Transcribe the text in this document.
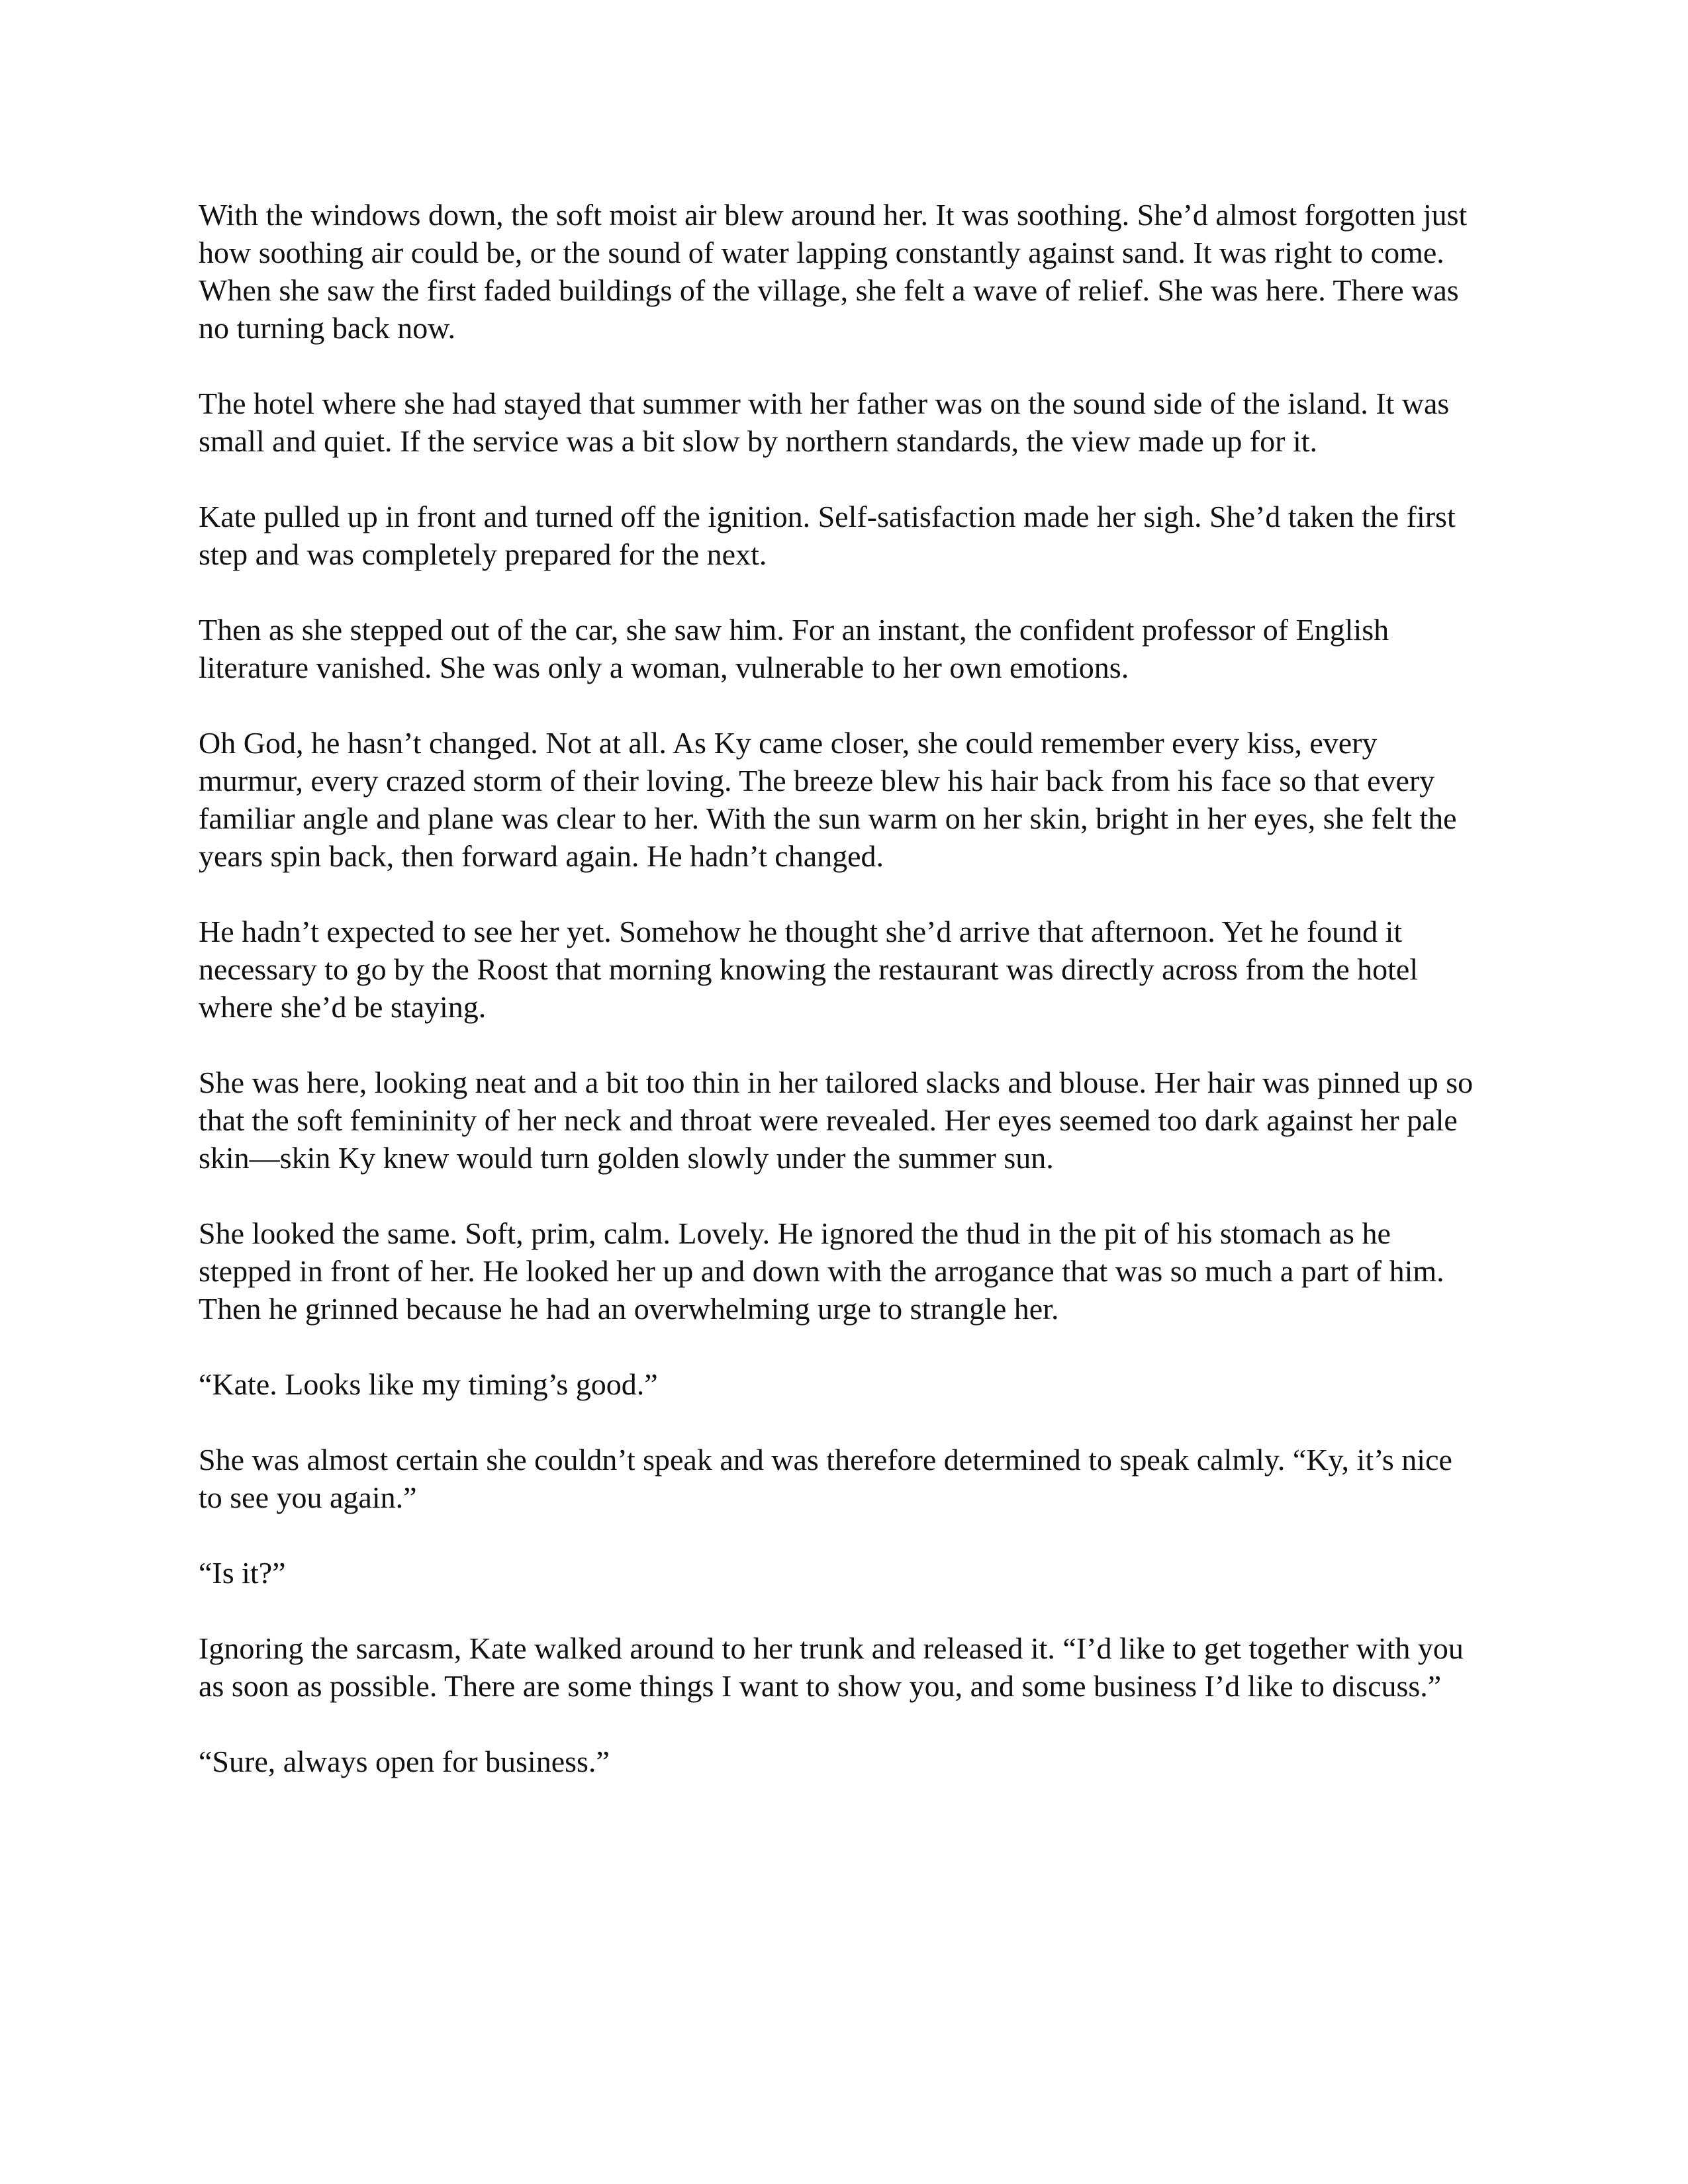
With the windows down, the soft moist air blew around her. It was soothing. She’d almost forgotten just how soothing air could be, or the sound of water lapping constantly against sand. It was right to come. When she saw the first faded buildings of the village, she felt a wave of relief. She was here. There was no turning back now.

The hotel where she had stayed that summer with her father was on the sound side of the island. It was small and quiet. If the service was a bit slow by northern standards, the view made up for it.

Kate pulled up in front and turned off the ignition. Self-satisfaction made her sigh. She’d taken the first step and was completely prepared for the next.

Then as she stepped out of the car, she saw him. For an instant, the confident professor of English literature vanished. She was only a woman, vulnerable to her own emotions.

Oh God, he hasn’t changed. Not at all. As Ky came closer, she could remember every kiss, every murmur, every crazed storm of their loving. The breeze blew his hair back from his face so that every familiar angle and plane was clear to her. With the sun warm on her skin, bright in her eyes, she felt the years spin back, then forward again. He hadn’t changed.

He hadn’t expected to see her yet. Somehow he thought she’d arrive that afternoon. Yet he found it necessary to go by the Roost that morning knowing the restaurant was directly across from the hotel where she’d be staying.

She was here, looking neat and a bit too thin in her tailored slacks and blouse. Her hair was pinned up so that the soft femininity of her neck and throat were revealed. Her eyes seemed too dark against her pale skin—skin Ky knew would turn golden slowly under the summer sun.

She looked the same. Soft, prim, calm. Lovely. He ignored the thud in the pit of his stomach as he stepped in front of her. He looked her up and down with the arrogance that was so much a part of him. Then he grinned because he had an overwhelming urge to strangle her.

“Kate. Looks like my timing’s good.”

She was almost certain she couldn’t speak and was therefore determined to speak calmly. “Ky, it’s nice to see you again.”

“Is it?”

Ignoring the sarcasm, Kate walked around to her trunk and released it. “I’d like to get together with you as soon as possible. There are some things I want to show you, and some business I’d like to discuss.”

“Sure, always open for business.”
